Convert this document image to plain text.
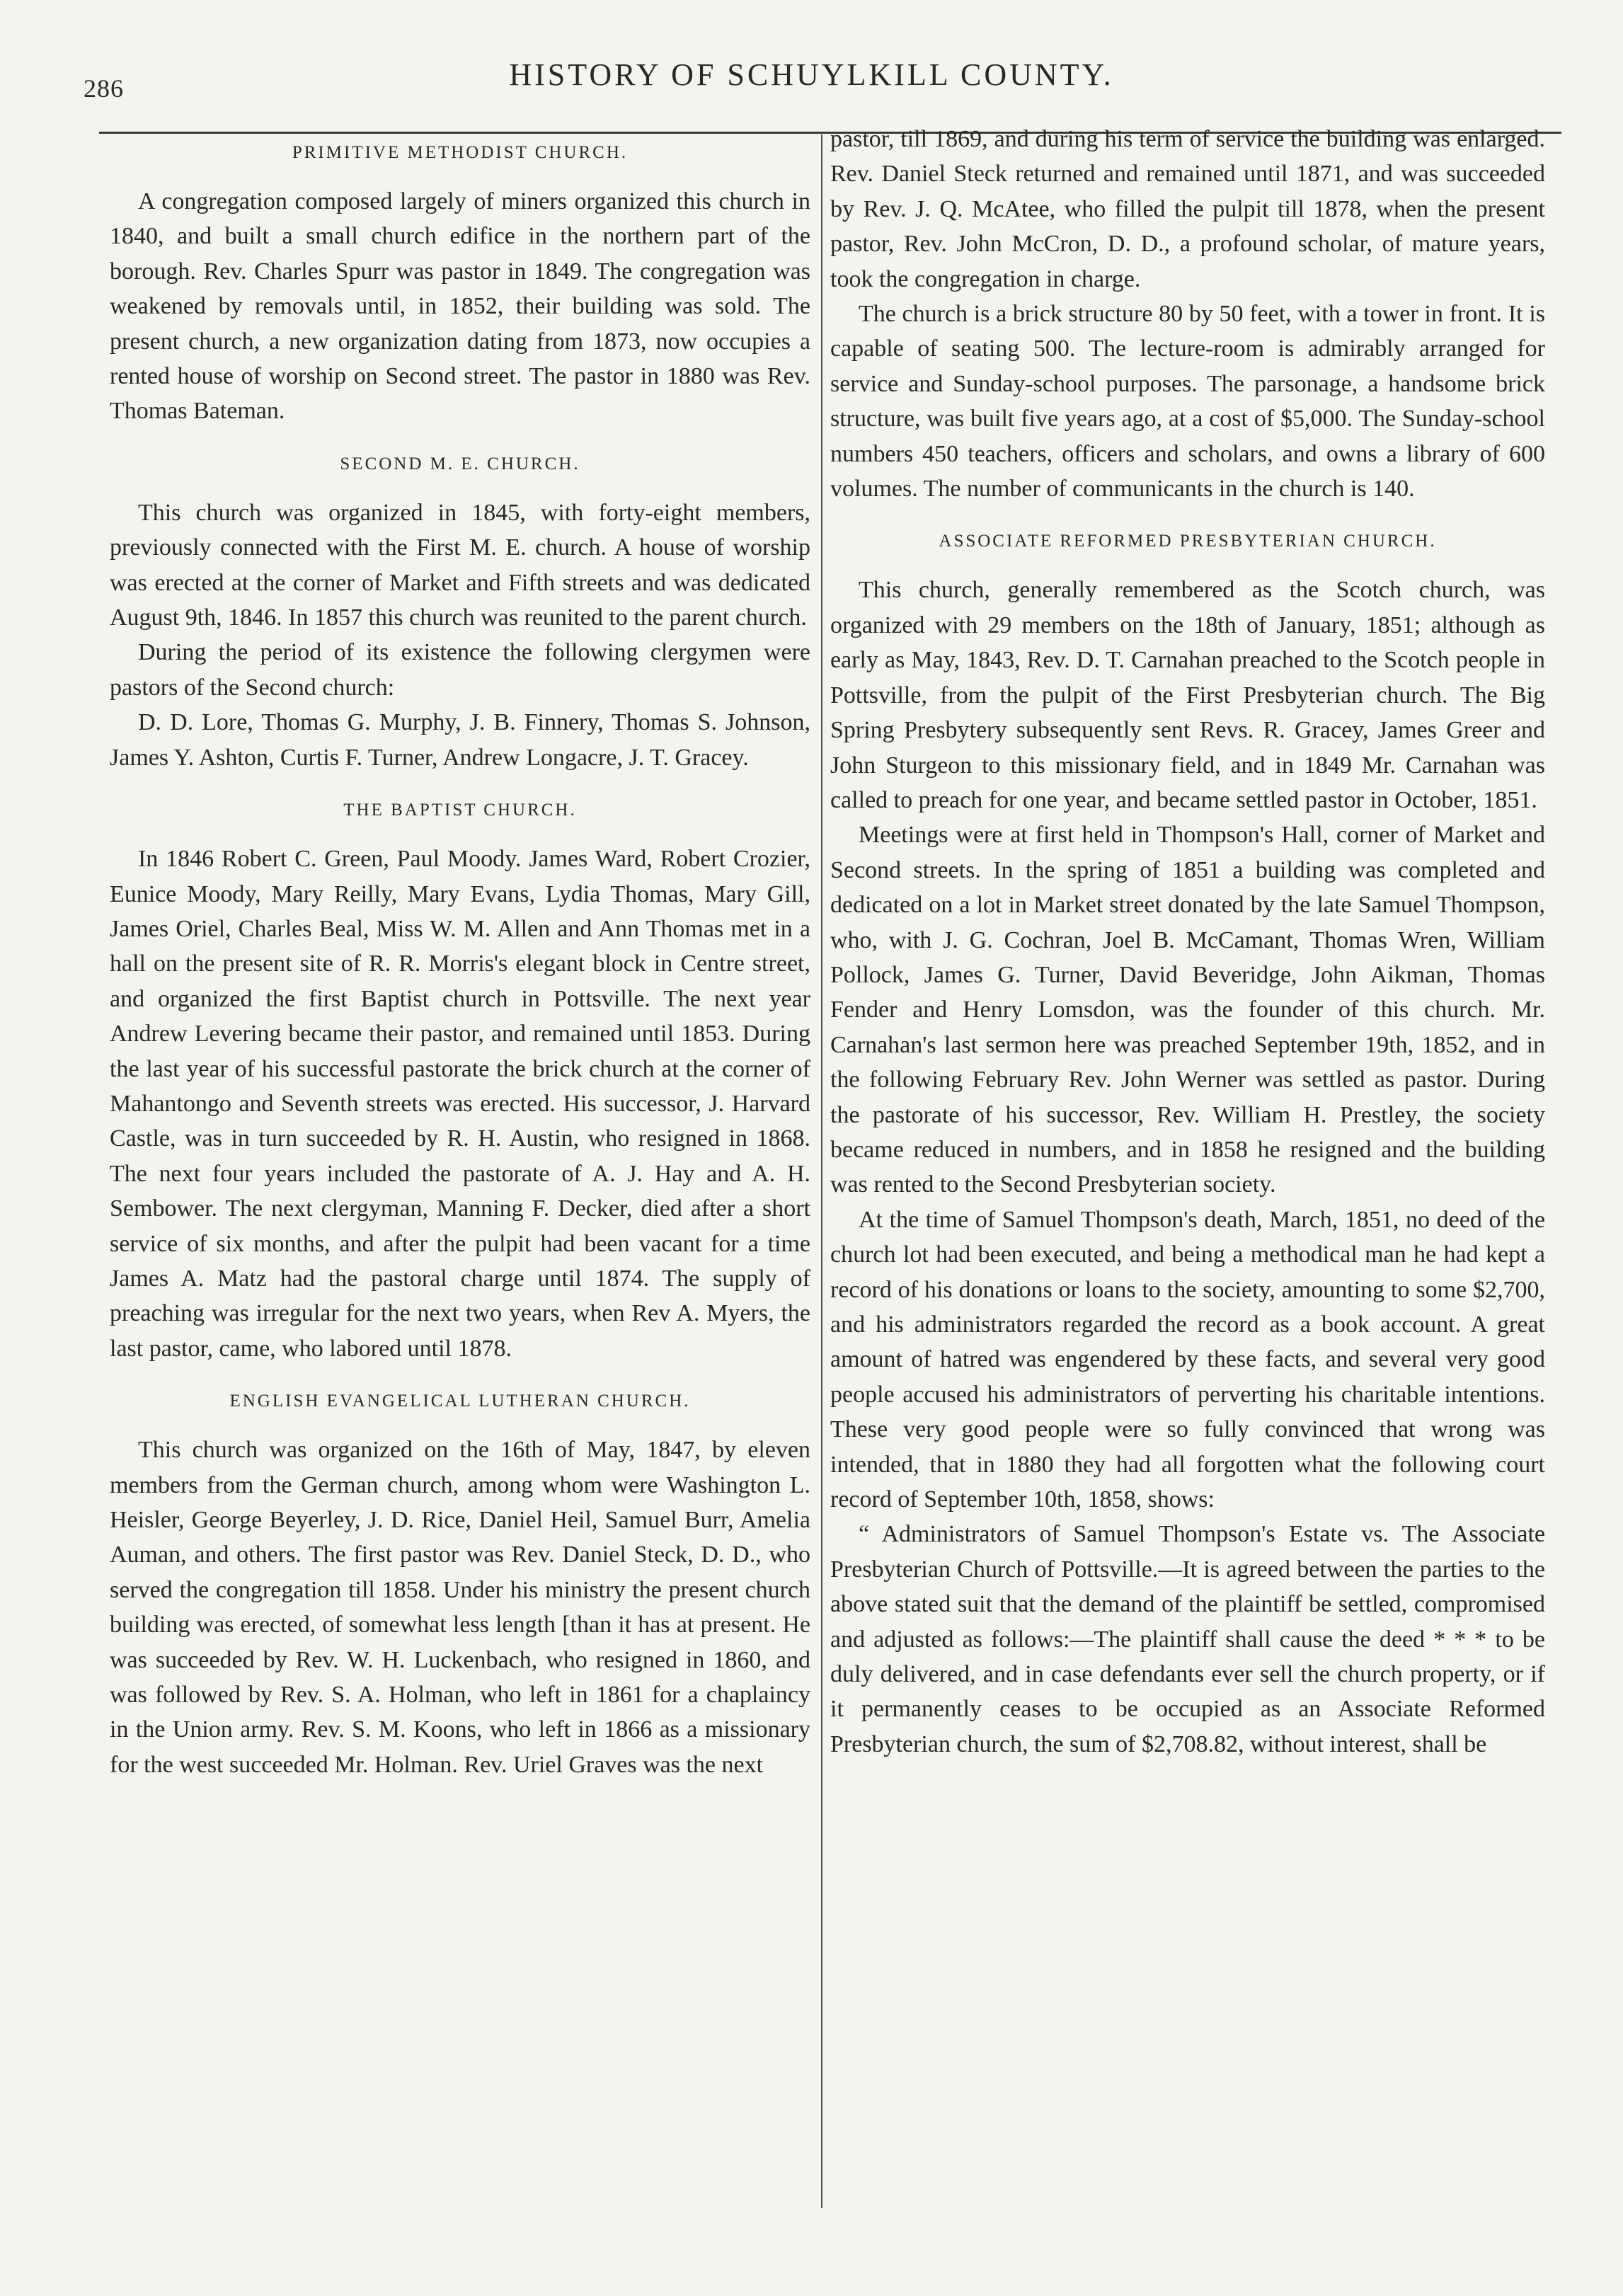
286	HISTORY OF SCHUYLKILL COUNTY.
PRIMITIVE METHODIST CHURCH.

A congregation composed largely of miners organized this church in 1840, and built a small church edifice in the northern part of the borough. Rev. Charles Spurr was pastor in 1849. The congregation was weakened by removals until, in 1852, their building was sold. The present church, a new organization dating from 1873, now occupies a rented house of worship on Second street. The pastor in 1880 was Rev. Thomas Bateman.

SECOND M. E. CHURCH.

This church was organized in 1845, with forty-eight members, previously connected with the First M. E. church. A house of worship was erected at the corner of Market and Fifth streets and was dedicated August 9th, 1846. In 1857 this church was reunited to the parent church.

During the period of its existence the following clergymen were pastors of the Second church:

D. D. Lore, Thomas G. Murphy, J. B. Finnery, Thomas S. Johnson, James Y. Ashton, Curtis F. Turner, Andrew Longacre, J. T. Gracey.

THE BAPTIST CHURCH.

In 1846 Robert C. Green, Paul Moody. James Ward, Robert Crozier, Eunice Moody, Mary Reilly, Mary Evans, Lydia Thomas, Mary Gill, James Oriel, Charles Beal, Miss W. M. Allen and Ann Thomas met in a hall on the present site of R. R. Morris's elegant block in Centre street, and organized the first Baptist church in Pottsville. The next year Andrew Levering became their pastor, and remained until 1853. During the last year of his successful pastorate the brick church at the corner of Mahantongo and Seventh streets was erected. His successor, J. Harvard Castle, was in turn succeeded by R. H. Austin, who resigned in 1868. The next four years included the pastorate of A. J. Hay and A. H. Sembower. The next clergyman, Manning F. Decker, died after a short service of six months, and after the pulpit had been vacant for a time James A. Matz had the pastoral charge until 1874. The supply of preaching was irregular for the next two years, when Rev A. Myers, the last pastor, came, who labored until 1878.

ENGLISH EVANGELICAL LUTHERAN CHURCH.

This church was organized on the 16th of May, 1847, by eleven members from the German church, among whom were Washington L. Heisler, George Beyerley, J. D. Rice, Daniel Heil, Samuel Burr, Amelia Auman, and others. The first pastor was Rev. Daniel Steck, D. D., who served the congregation till 1858. Under his ministry the present church building was erected, of somewhat less length [than it has at present. He was succeeded by Rev. W. H. Luckenbach, who resigned in 1860, and was followed by Rev. S. A. Holman, who left in 1861 for a chaplaincy in the Union army. Rev. S. M. Koons, who left in 1866 as a missionary for the west succeeded Mr. Holman. Rev. Uriel Graves was the next

pastor, till 1869, and during his term of service the building was enlarged. Rev. Daniel Steck returned and remained until 1871, and was succeeded by Rev. J. Q. McAtee, who filled the pulpit till 1878, when the present pastor, Rev. John McCron, D. D., a profound scholar, of mature years, took the congregation in charge.

The church is a brick structure 80 by 50 feet, with a tower in front. It is capable of seating 500. The lecture-room is admirably arranged for service and Sunday-school purposes. The parsonage, a handsome brick structure, was built five years ago, at a cost of $5,000. The Sunday-school numbers 450 teachers, officers and scholars, and owns a library of 600 volumes. The number of communicants in the church is 140.

ASSOCIATE REFORMED PRESBYTERIAN CHURCH.

This church, generally remembered as the Scotch church, was organized with 29 members on the 18th of January, 1851; although as early as May, 1843, Rev. D. T. Carnahan preached to the Scotch people in Pottsville, from the pulpit of the First Presbyterian church. The Big Spring Presbytery subsequently sent Revs. R. Gracey, James Greer and John Sturgeon to this missionary field, and in 1849 Mr. Carnahan was called to preach for one year, and became settled pastor in October, 1851.

Meetings were at first held in Thompson's Hall, corner of Market and Second streets. In the spring of 1851 a building was completed and dedicated on a lot in Market street donated by the late Samuel Thompson, who, with J. G. Cochran, Joel B. McCamant, Thomas Wren, William Pollock, James G. Turner, David Beveridge, John Aikman, Thomas Fender and Henry Lomsdon, was the founder of this church. Mr. Carnahan's last sermon here was preached September 19th, 1852, and in the following February Rev. John Werner was settled as pastor. During the pastorate of his successor, Rev. William H. Prestley, the society became reduced in numbers, and in 1858 he resigned and the building was rented to the Second Presbyterian society.

At the time of Samuel Thompson's death, March, 1851, no deed of the church lot had been executed, and being a methodical man he had kept a record of his donations or loans to the society, amounting to some $2,700, and his administrators regarded the record as a book account. A great amount of hatred was engendered by these facts, and several very good people accused his administrators of perverting his charitable intentions. These very good people were so fully convinced that wrong was intended, that in 1880 they had all forgotten what the following court record of September 10th, 1858, shows:

“ Administrators of Samuel Thompson's Estate vs. The Associate Presbyterian Church of Pottsville.—It is agreed between the parties to the above stated suit that the demand of the plaintiff be settled, compromised and adjusted as follows:—The plaintiff shall cause the deed * * * to be duly delivered, and in case defendants ever sell the church property, or if it permanently ceases to be occupied as an Associate Reformed Presbyterian church, the sum of $2,708.82, without interest, shall be
